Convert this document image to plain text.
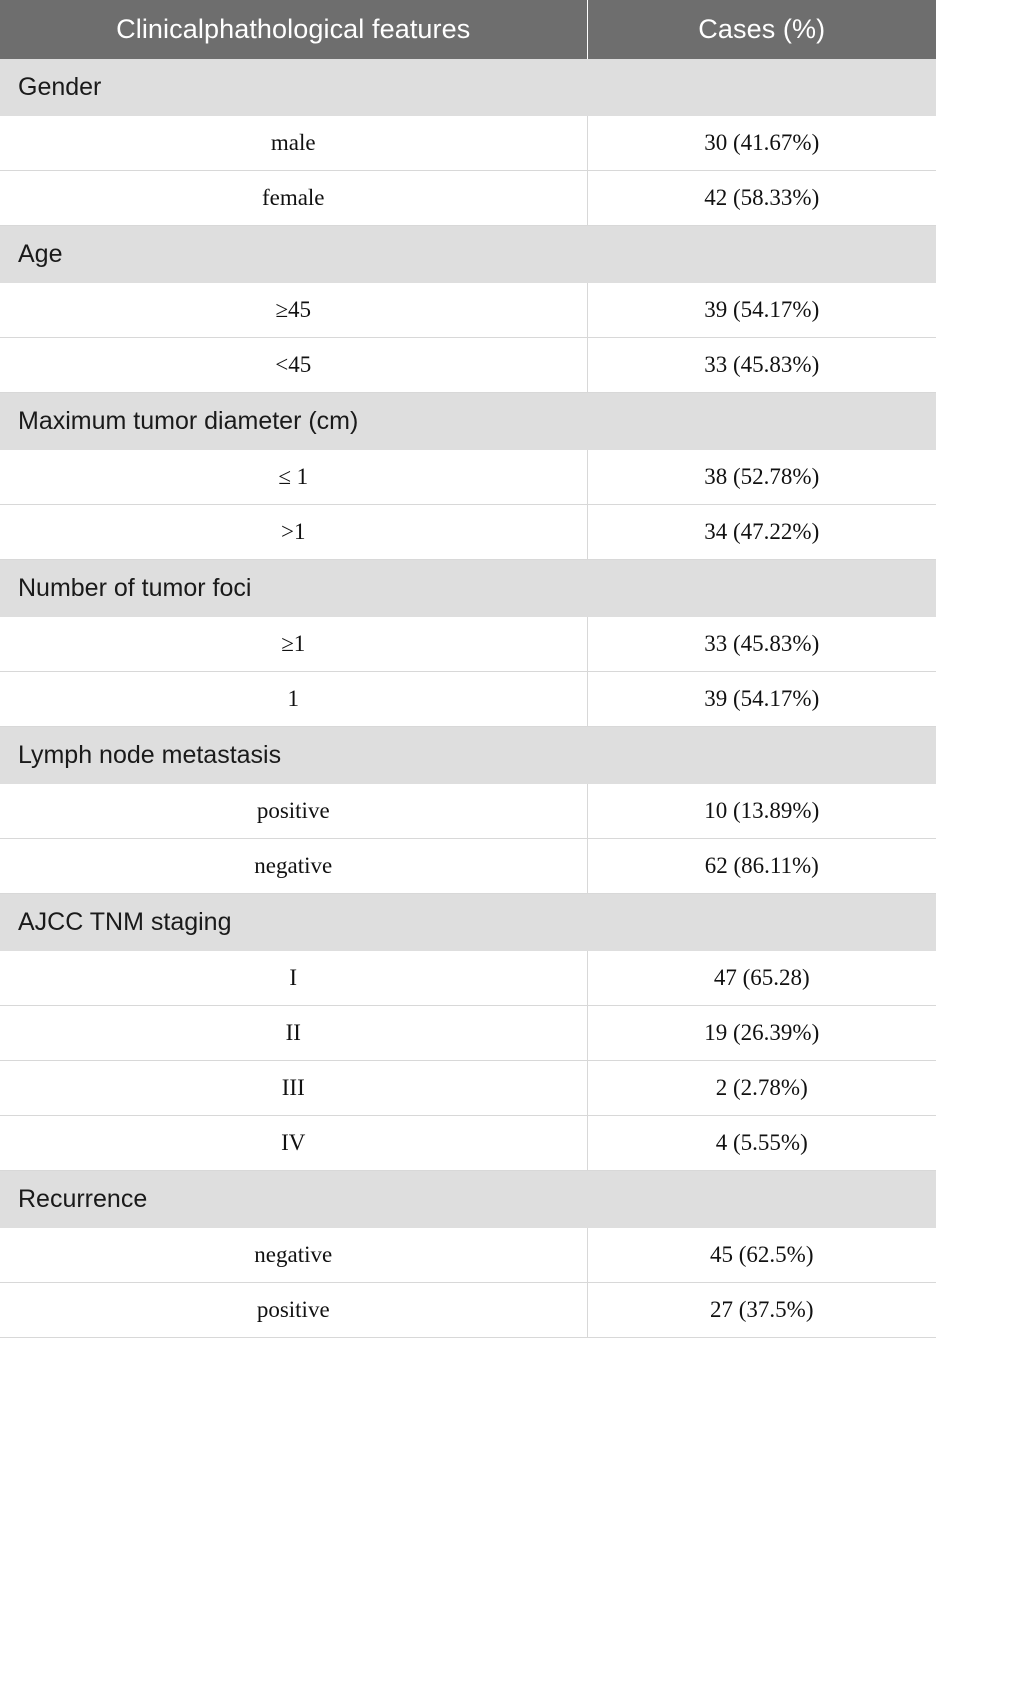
Clinicalphathological features	Cases (%)
Gender	
male	30 (41.67%)
female	42 (58.33%)
Age	
≥45	39 (54.17%)
<45	33 (45.83%)
Maximum tumor diameter (cm)	
≤ 1	38 (52.78%)
>1	34 (47.22%)
Number of tumor foci	
≥1	33 (45.83%)
1	39 (54.17%)
Lymph node metastasis	
positive	10 (13.89%)
negative	62 (86.11%)
AJCC TNM staging	
I	47 (65.28)
II	19 (26.39%)
III	2 (2.78%)
IV	4 (5.55%)
Recurrence	
negative	45 (62.5%)
positive	27 (37.5%)
